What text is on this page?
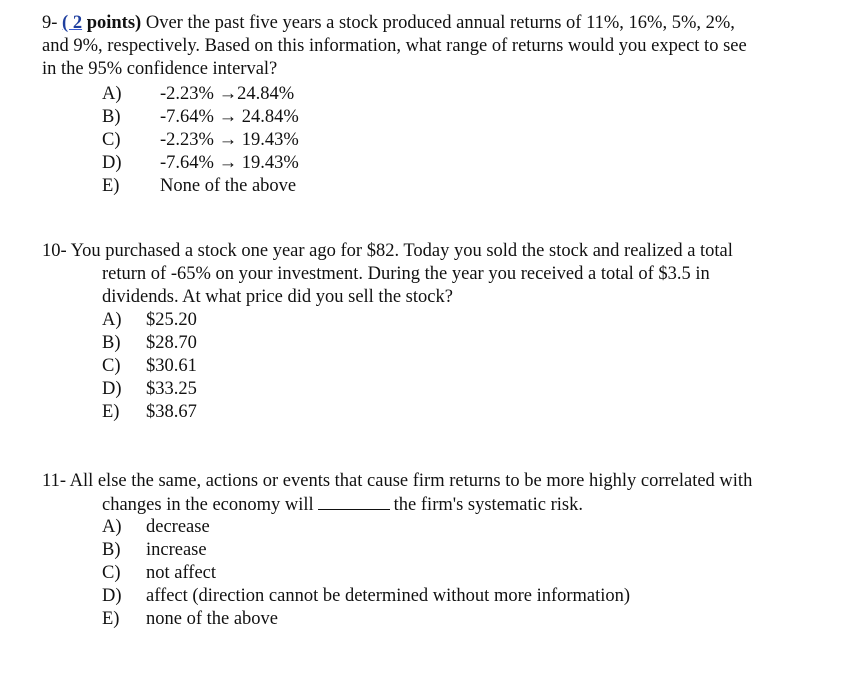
9- ( 2 points) Over the past five years a stock produced annual returns of 11%, 16%, 5%, 2%,
and 9%, respectively. Based on this information, what range of returns would you expect to see
in the 95% confidence interval?
A) -2.23% →24.84%
B) -7.64% → 24.84%
C) -2.23% → 19.43%
D) -7.64% → 19.43%
E) None of the above
10- You purchased a stock one year ago for $82. Today you sold the stock and realized a total
return of -65% on your investment. During the year you received a total of $3.5 in
dividends. At what price did you sell the stock?
A) $25.20
B) $28.70
C) $30.61
D) $33.25
E) $38.67
11- All else the same, actions or events that cause firm returns to be more highly correlated with
changes in the economy will	the firm's systematic risk.
A) decrease
B) increase
C) not affect
D) affect (direction cannot be determined without more information)
E) none of the above
